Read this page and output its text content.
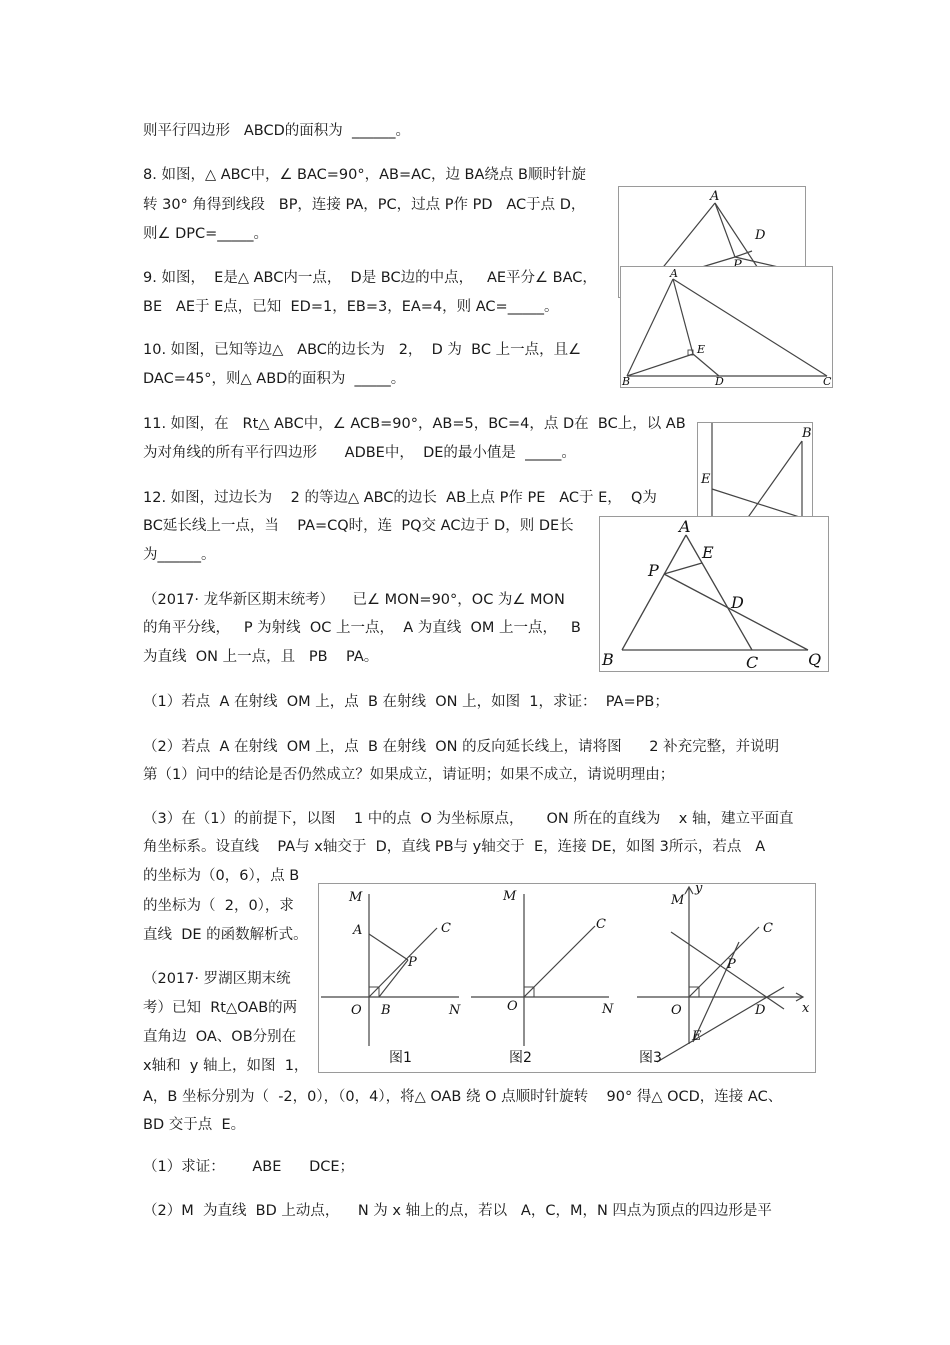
则平行四边形   ABCD的面积为  ______。
8. 如图，△ ABC中，∠ BAC=90°，AB=AC，边 BA绕点 B顺时针旋
转 30° 角得到线段   BP，连接 PA，PC，过点 P作 PD   AC于点 D，
则∠ DPC=_____。
9. 如图，  E是△ ABC内一点，  D是 BC边的中点，   AE平分∠ BAC，
BE   AE于 E点，已知  ED=1，EB=3，EA=4，则 AC=_____。
10. 如图，已知等边△   ABC的边长为   2，  D 为  BC 上一点，且∠
DAC=45°，则△ ABD的面积为  _____。
11. 如图，在   Rt△ ABC中，∠ ACB=90°，AB=5，BC=4，点 D在  BC上，以 AB
为对角线的所有平行四边形      ADBE中，  DE的最小值是  _____。
12. 如图，过边长为    2 的等边△ ABC的边长  AB上点 P作 PE   AC于 E，  Q为
BC延长线上一点，当    PA=CQ时，连  PQ交 AC边于 D，则 DE长
为______。
（2017· 龙华新区期末统考）    已∠ MON=90°，OC 为∠ MON
的角平分线，   P 为射线  OC 上一点，  A 为直线  OM 上一点，   B
为直线  ON 上一点，且   PB    PA。
（1）若点  A 在射线  OM 上，点  B 在射线  ON 上，如图  1，求证：  PA=PB；
（2）若点  A 在射线  OM 上，点  B 在射线  ON 的反向延长线上，请将图      2 补充完整，并说明
第（1）问中的结论是否仍然成立？如果成立，请证明；如果不成立，请说明理由；
（3）在（1）的前提下，以图    1 中的点  O 为坐标原点，     ON 所在的直线为    x 轴，建立平面直
角坐标系。设直线    PA与 x轴交于  D，直线 PB与 y轴交于  E，连接 DE，如图 3所示，若点   A
的坐标为（0，6），点 B
的坐标为（  2，0），求
直线  DE 的函数解析式。
（2017· 罗湖区期末统
考）已知  Rt△OAB的两
直角边  OA、OB分别在
x轴和  y 轴上，如图  1，
A，B 坐标分别为（  -2，0），（0，4），将△ OAB 绕 O 点顺时针旋转    90° 得△ OCD，连接 AC、
BD 交于点  E。
（1）求证：      ABE      DCE；
（2）M  为直线  BD 上动点，    N 为 x 轴上的点，若以   A，C，M，N 四点为顶点的四边形是平
A
D
A
E
B	D	C
B
E
A
E
P
D
B	C	Q
M
A	C
P
O B	N
图1
M
C
O	N
图2
M
y
C
P
O	D	x
E
图3
